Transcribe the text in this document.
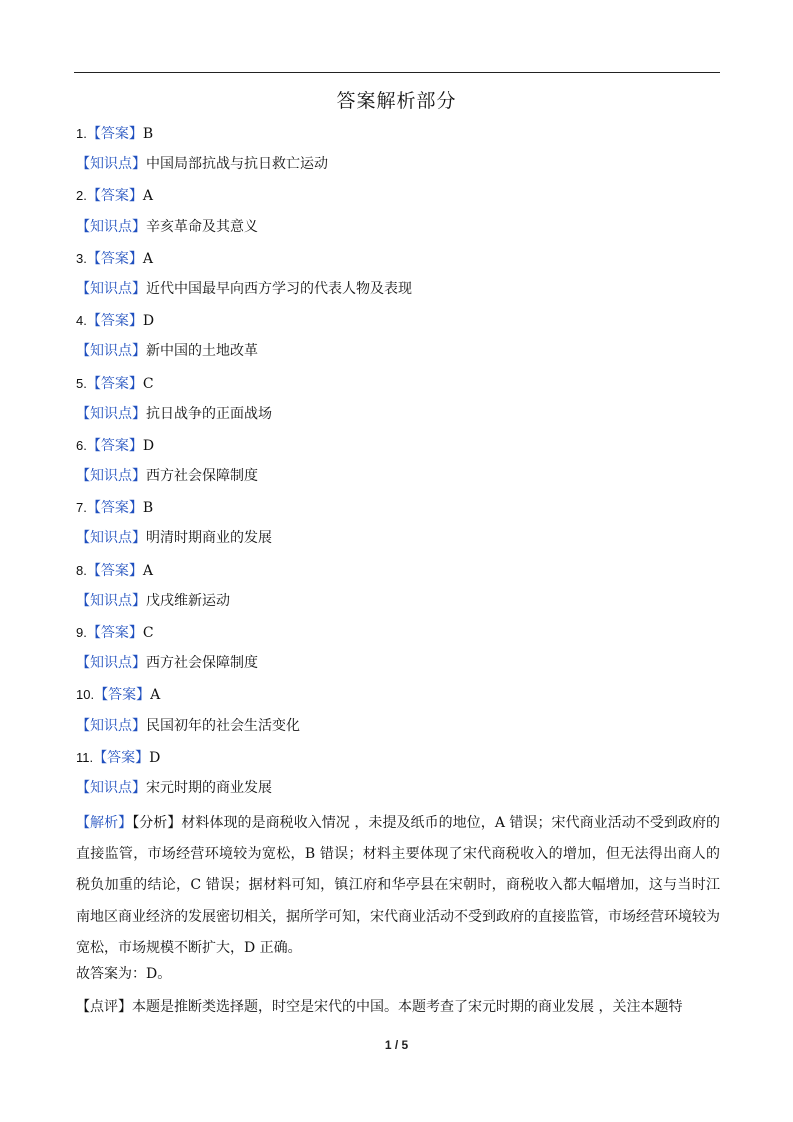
答案解析部分
1.【答案】B
【知识点】中国局部抗战与抗日救亡运动
2.【答案】A
【知识点】辛亥革命及其意义
3.【答案】A
【知识点】近代中国最早向西方学习的代表人物及表现
4.【答案】D
【知识点】新中国的土地改革
5.【答案】C
【知识点】抗日战争的正面战场
6.【答案】D
【知识点】西方社会保障制度
7.【答案】B
【知识点】明清时期商业的发展
8.【答案】A
【知识点】戊戌维新运动
9.【答案】C
【知识点】西方社会保障制度
10.【答案】A
【知识点】民国初年的社会生活变化
11.【答案】D
【知识点】宋元时期的商业发展
【解析】【分析】材料体现的是商税收入情况 ，未提及纸币的地位，A 错误；宋代商业活动不受到政府的直接监管，市场经营环境较为宽松，B 错误；材料主要体现了宋代商税收入的增加，但无法得出商人的税负加重的结论，C 错误；据材料可知，镇江府和华亭县在宋朝时，商税收入都大幅增加，这与当时江南地区商业经济的发展密切相关，据所学可知，宋代商业活动不受到政府的直接监管，市场经营环境较为宽松，市场规模不断扩大，D 正确。
故答案为：D。
【点评】本题是推断类选择题，时空是宋代的中国。本题考查了宋元时期的商业发展 ，关注本题特
1 / 5
